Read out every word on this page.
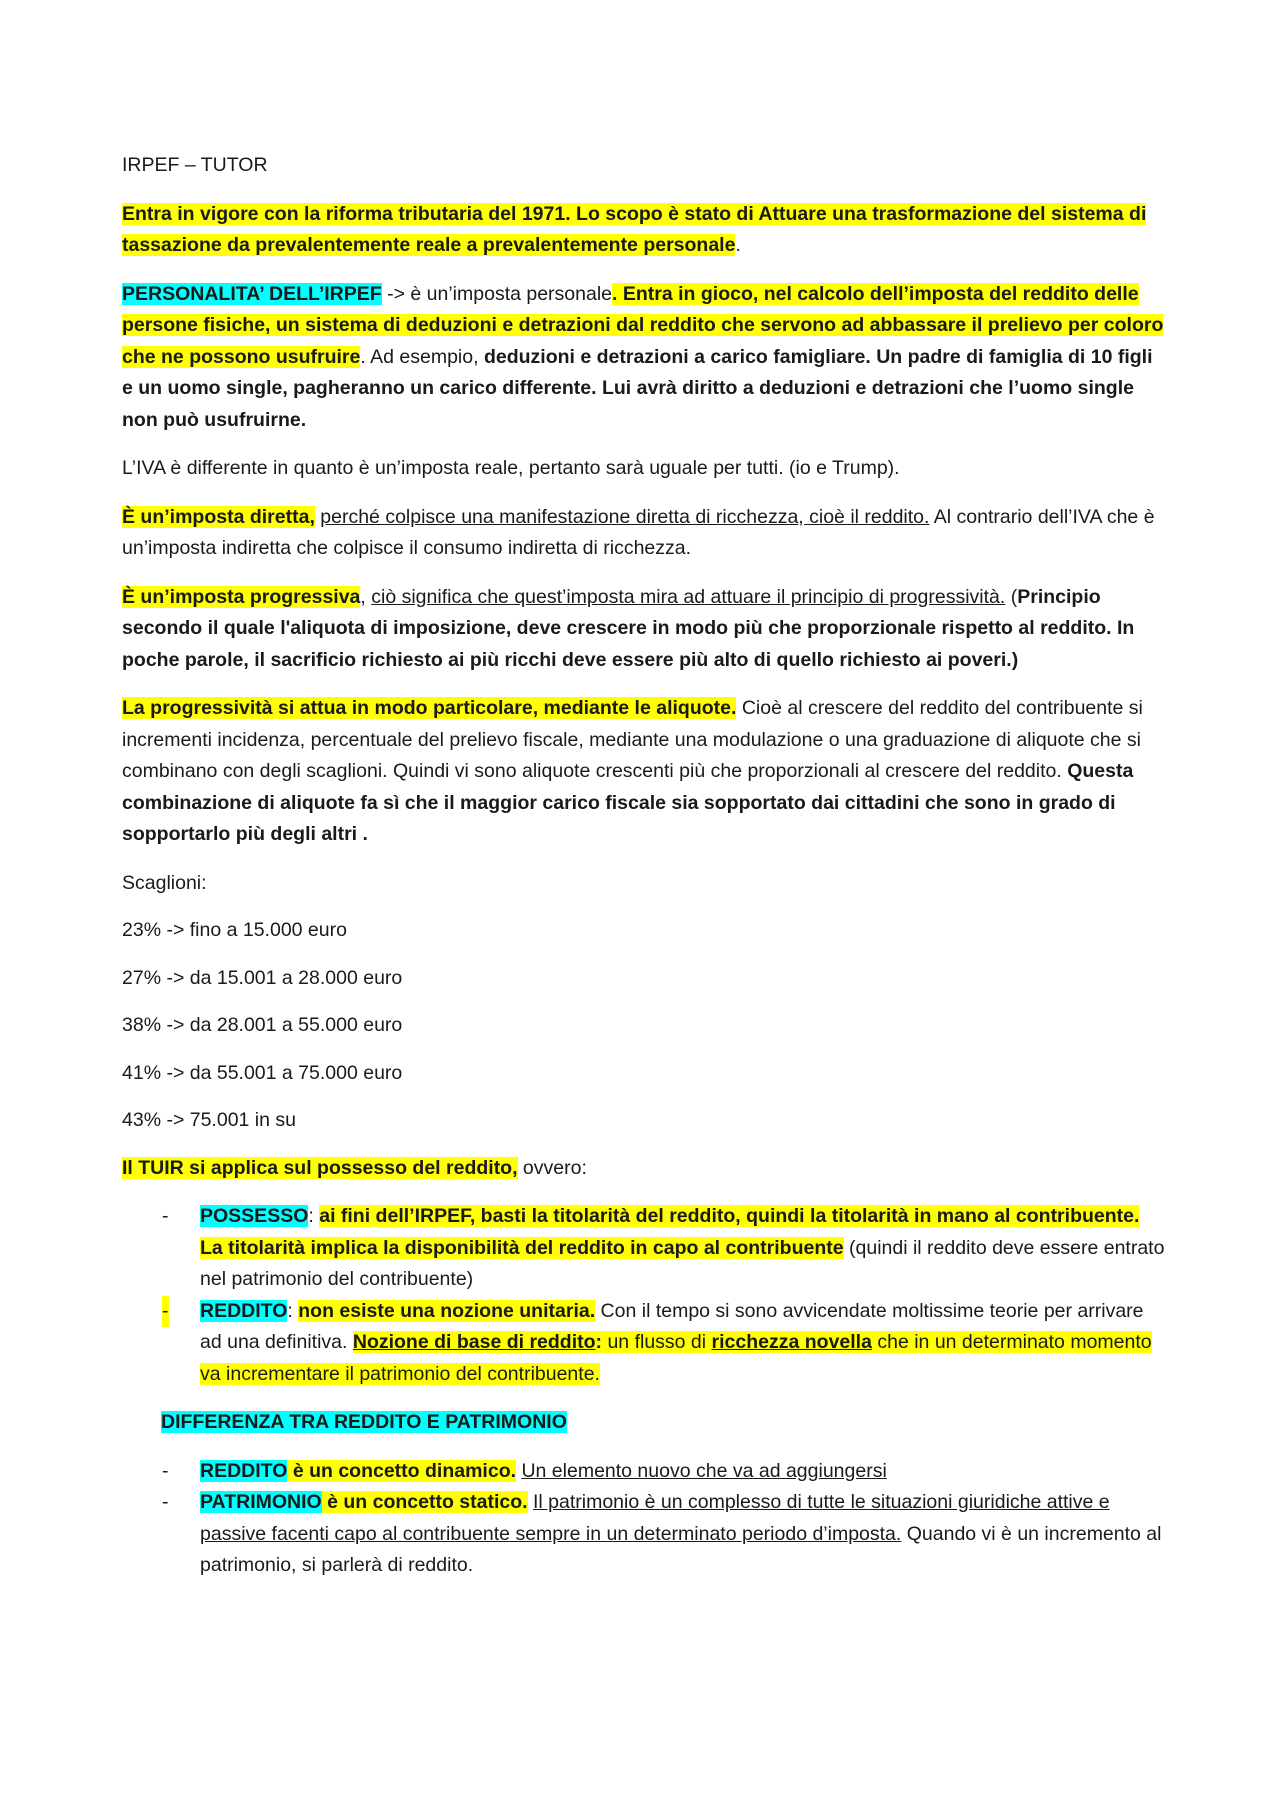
IRPEF – TUTOR

Entra in vigore con la riforma tributaria del 1971. Lo scopo è stato di Attuare una trasformazione del sistema di tassazione da prevalentemente reale a prevalentemente personale.

PERSONALITA’ DELL’IRPEF -> è un’imposta personale. Entra in gioco, nel calcolo dell’imposta del reddito delle persone fisiche, un sistema di deduzioni e detrazioni dal reddito che servono ad abbassare il prelievo per coloro che ne possono usufruire. Ad esempio, deduzioni e detrazioni a carico famigliare. Un padre di famiglia di 10 figli e un uomo single, pagheranno un carico differente. Lui avrà diritto a deduzioni e detrazioni che l’uomo single non può usufruirne.

L’IVA è differente in quanto è un’imposta reale, pertanto sarà uguale per tutti. (io e Trump).

È un’imposta diretta, perché colpisce una manifestazione diretta di ricchezza, cioè il reddito. Al contrario dell’IVA che è un’imposta indiretta che colpisce il consumo indiretta di ricchezza.

È un’imposta progressiva, ciò significa che quest’imposta mira ad attuare il principio di progressività. (Principio secondo il quale l'aliquota di imposizione, deve crescere in modo più che proporzionale rispetto al reddito. In poche parole, il sacrificio richiesto ai più ricchi deve essere più alto di quello richiesto ai poveri.)

La progressività si attua in modo particolare, mediante le aliquote. Cioè al crescere del reddito del contribuente si incrementi incidenza, percentuale del prelievo fiscale, mediante una modulazione o una graduazione di aliquote che si combinano con degli scaglioni. Quindi vi sono aliquote crescenti più che proporzionali al crescere del reddito. Questa combinazione di aliquote fa sì che il maggior carico fiscale sia sopportato dai cittadini che sono in grado di sopportarlo più degli altri .

Scaglioni:

23% -> fino a 15.000 euro

27% -> da 15.001 a 28.000 euro

38% -> da 28.001 a 55.000 euro

41% -> da 55.001 a 75.000 euro

43% -> 75.001 in su

Il TUIR si applica sul possesso del reddito, ovvero:

- POSSESSO: ai fini dell’IRPEF, basti la titolarità del reddito, quindi la titolarità in mano al contribuente. La titolarità implica la disponibilità del reddito in capo al contribuente (quindi il reddito deve essere entrato nel patrimonio del contribuente)
- REDDITO: non esiste una nozione unitaria. Con il tempo si sono avvicendate moltissime teorie per arrivare ad una definitiva. Nozione di base di reddito: un flusso di ricchezza novella che in un determinato momento va incrementare il patrimonio del contribuente.

DIFFERENZA TRA REDDITO E PATRIMONIO

- REDDITO è un concetto dinamico. Un elemento nuovo che va ad aggiungersi
- PATRIMONIO è un concetto statico. Il patrimonio è un complesso di tutte le situazioni giuridiche attive e passive facenti capo al contribuente sempre in un determinato periodo d’imposta. Quando vi è un incremento al patrimonio, si parlerà di reddito.
